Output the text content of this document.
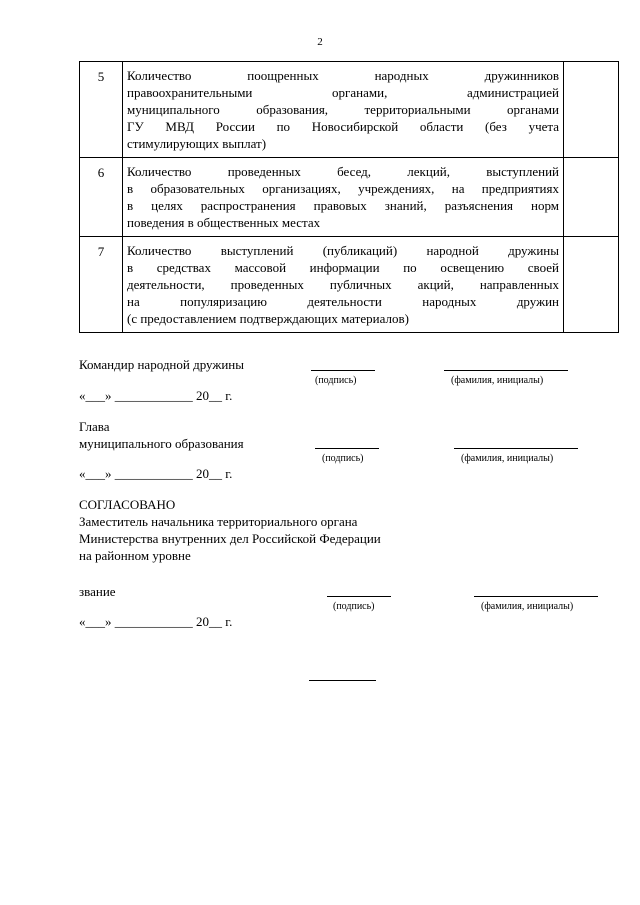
2
5	Количество поощренных народных дружинников
правоохранительными органами, администрацией
муниципального образования, территориальными органами
ГУ МВД России по Новосибирской области (без учета
стимулирующих выплат)	

6	Количество проведенных бесед, лекций, выступлений
в образовательных организациях, учреждениях, на предприятиях
в целях распространения правовых знаний, разъяснения норм
поведения в общественных местах	

7	Количество выступлений (публикаций) народной дружины
в средствах массовой информации по освещению своей
деятельности, проведенных публичных акций, направленных
на популяризацию деятельности народных дружин
(с предоставлением подтверждающих материалов)	

Командир народной дружины
(подпись)	(фамилия, инициалы)
«___» ____________ 20__ г.
Глава
муниципального образования
(подпись)	(фамилия, инициалы)
«___» ____________ 20__ г.
СОГЛАСОВАНО
Заместитель начальника территориального органа
Министерства внутренних дел Российской Федерации
на районном уровне
звание
(подпись)	(фамилия, инициалы)
«___» ____________ 20__ г.
